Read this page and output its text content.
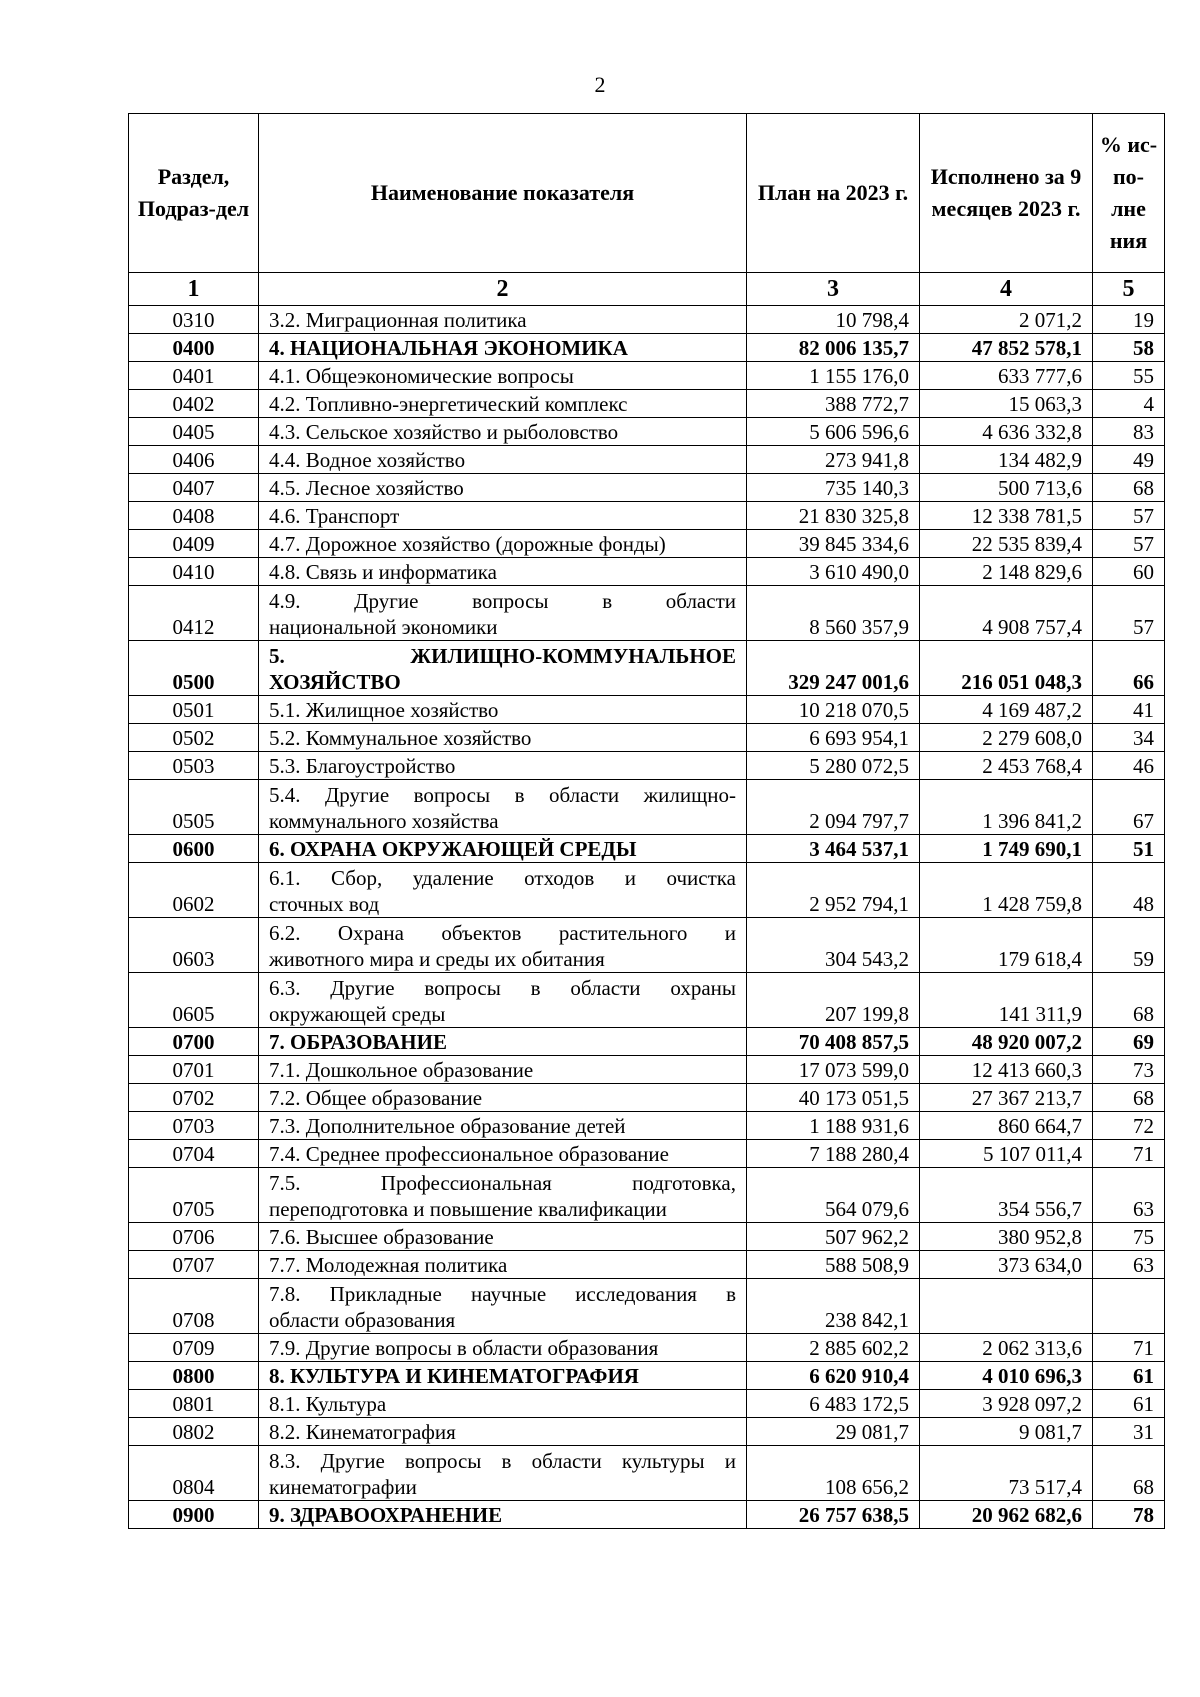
2
Раздел, Подраз-дел	Наименование показателя	План на 2023 г.	Исполнено за 9 месяцев 2023 г.	% ис-по-лне ния
1	2	3	4	5
0310	3.2. Миграционная политика	10 798,4	2 071,2	19
0400	4. НАЦИОНАЛЬНАЯ ЭКОНОМИКА	82 006 135,7	47 852 578,1	58
0401	4.1. Общеэкономические вопросы	1 155 176,0	633 777,6	55
0402	4.2. Топливно-энергетический комплекс	388 772,7	15 063,3	4
0405	4.3. Сельское хозяйство и рыболовство	5 606 596,6	4 636 332,8	83
0406	4.4. Водное хозяйство	273 941,8	134 482,9	49
0407	4.5. Лесное хозяйство	735 140,3	500 713,6	68
0408	4.6. Транспорт	21 830 325,8	12 338 781,5	57
0409	4.7. Дорожное хозяйство (дорожные фонды)	39 845 334,6	22 535 839,4	57
0410	4.8. Связь и информатика	3 610 490,0	2 148 829,6	60
0412	4.9. Другие вопросы в области
национальной экономики	8 560 357,9	4 908 757,4	57
0500	5. ЖИЛИЩНО-КОММУНАЛЬНОЕ
ХОЗЯЙСТВО	329 247 001,6	216 051 048,3	66
0501	5.1. Жилищное хозяйство	10 218 070,5	4 169 487,2	41
0502	5.2. Коммунальное хозяйство	6 693 954,1	2 279 608,0	34
0503	5.3. Благоустройство	5 280 072,5	2 453 768,4	46
0505	5.4. Другие вопросы в области жилищно-
коммунального хозяйства	2 094 797,7	1 396 841,2	67
0600	6. ОХРАНА ОКРУЖАЮЩЕЙ СРЕДЫ	3 464 537,1	1 749 690,1	51
0602	6.1. Сбор, удаление отходов и очистка
сточных вод	2 952 794,1	1 428 759,8	48
0603	6.2. Охрана объектов растительного и
животного мира и среды их обитания	304 543,2	179 618,4	59
0605	6.3. Другие вопросы в области охраны
окружающей среды	207 199,8	141 311,9	68
0700	7. ОБРАЗОВАНИЕ	70 408 857,5	48 920 007,2	69
0701	7.1. Дошкольное образование	17 073 599,0	12 413 660,3	73
0702	7.2. Общее образование	40 173 051,5	27 367 213,7	68
0703	7.3. Дополнительное образование детей	1 188 931,6	860 664,7	72
0704	7.4. Среднее профессиональное образование	7 188 280,4	5 107 011,4	71
0705	7.5. Профессиональная подготовка,
переподготовка и повышение квалификации	564 079,6	354 556,7	63
0706	7.6. Высшее образование	507 962,2	380 952,8	75
0707	7.7. Молодежная политика	588 508,9	373 634,0	63
0708	7.8. Прикладные научные исследования в
области образования	238 842,1		
0709	7.9. Другие вопросы в области образования	2 885 602,2	2 062 313,6	71
0800	8. КУЛЬТУРА И КИНЕМАТОГРАФИЯ	6 620 910,4	4 010 696,3	61
0801	8.1. Культура	6 483 172,5	3 928 097,2	61
0802	8.2. Кинематография	29 081,7	9 081,7	31
0804	8.3. Другие вопросы в области культуры и
кинематографии	108 656,2	73 517,4	68
0900	9. ЗДРАВООХРАНЕНИЕ	26 757 638,5	20 962 682,6	78
